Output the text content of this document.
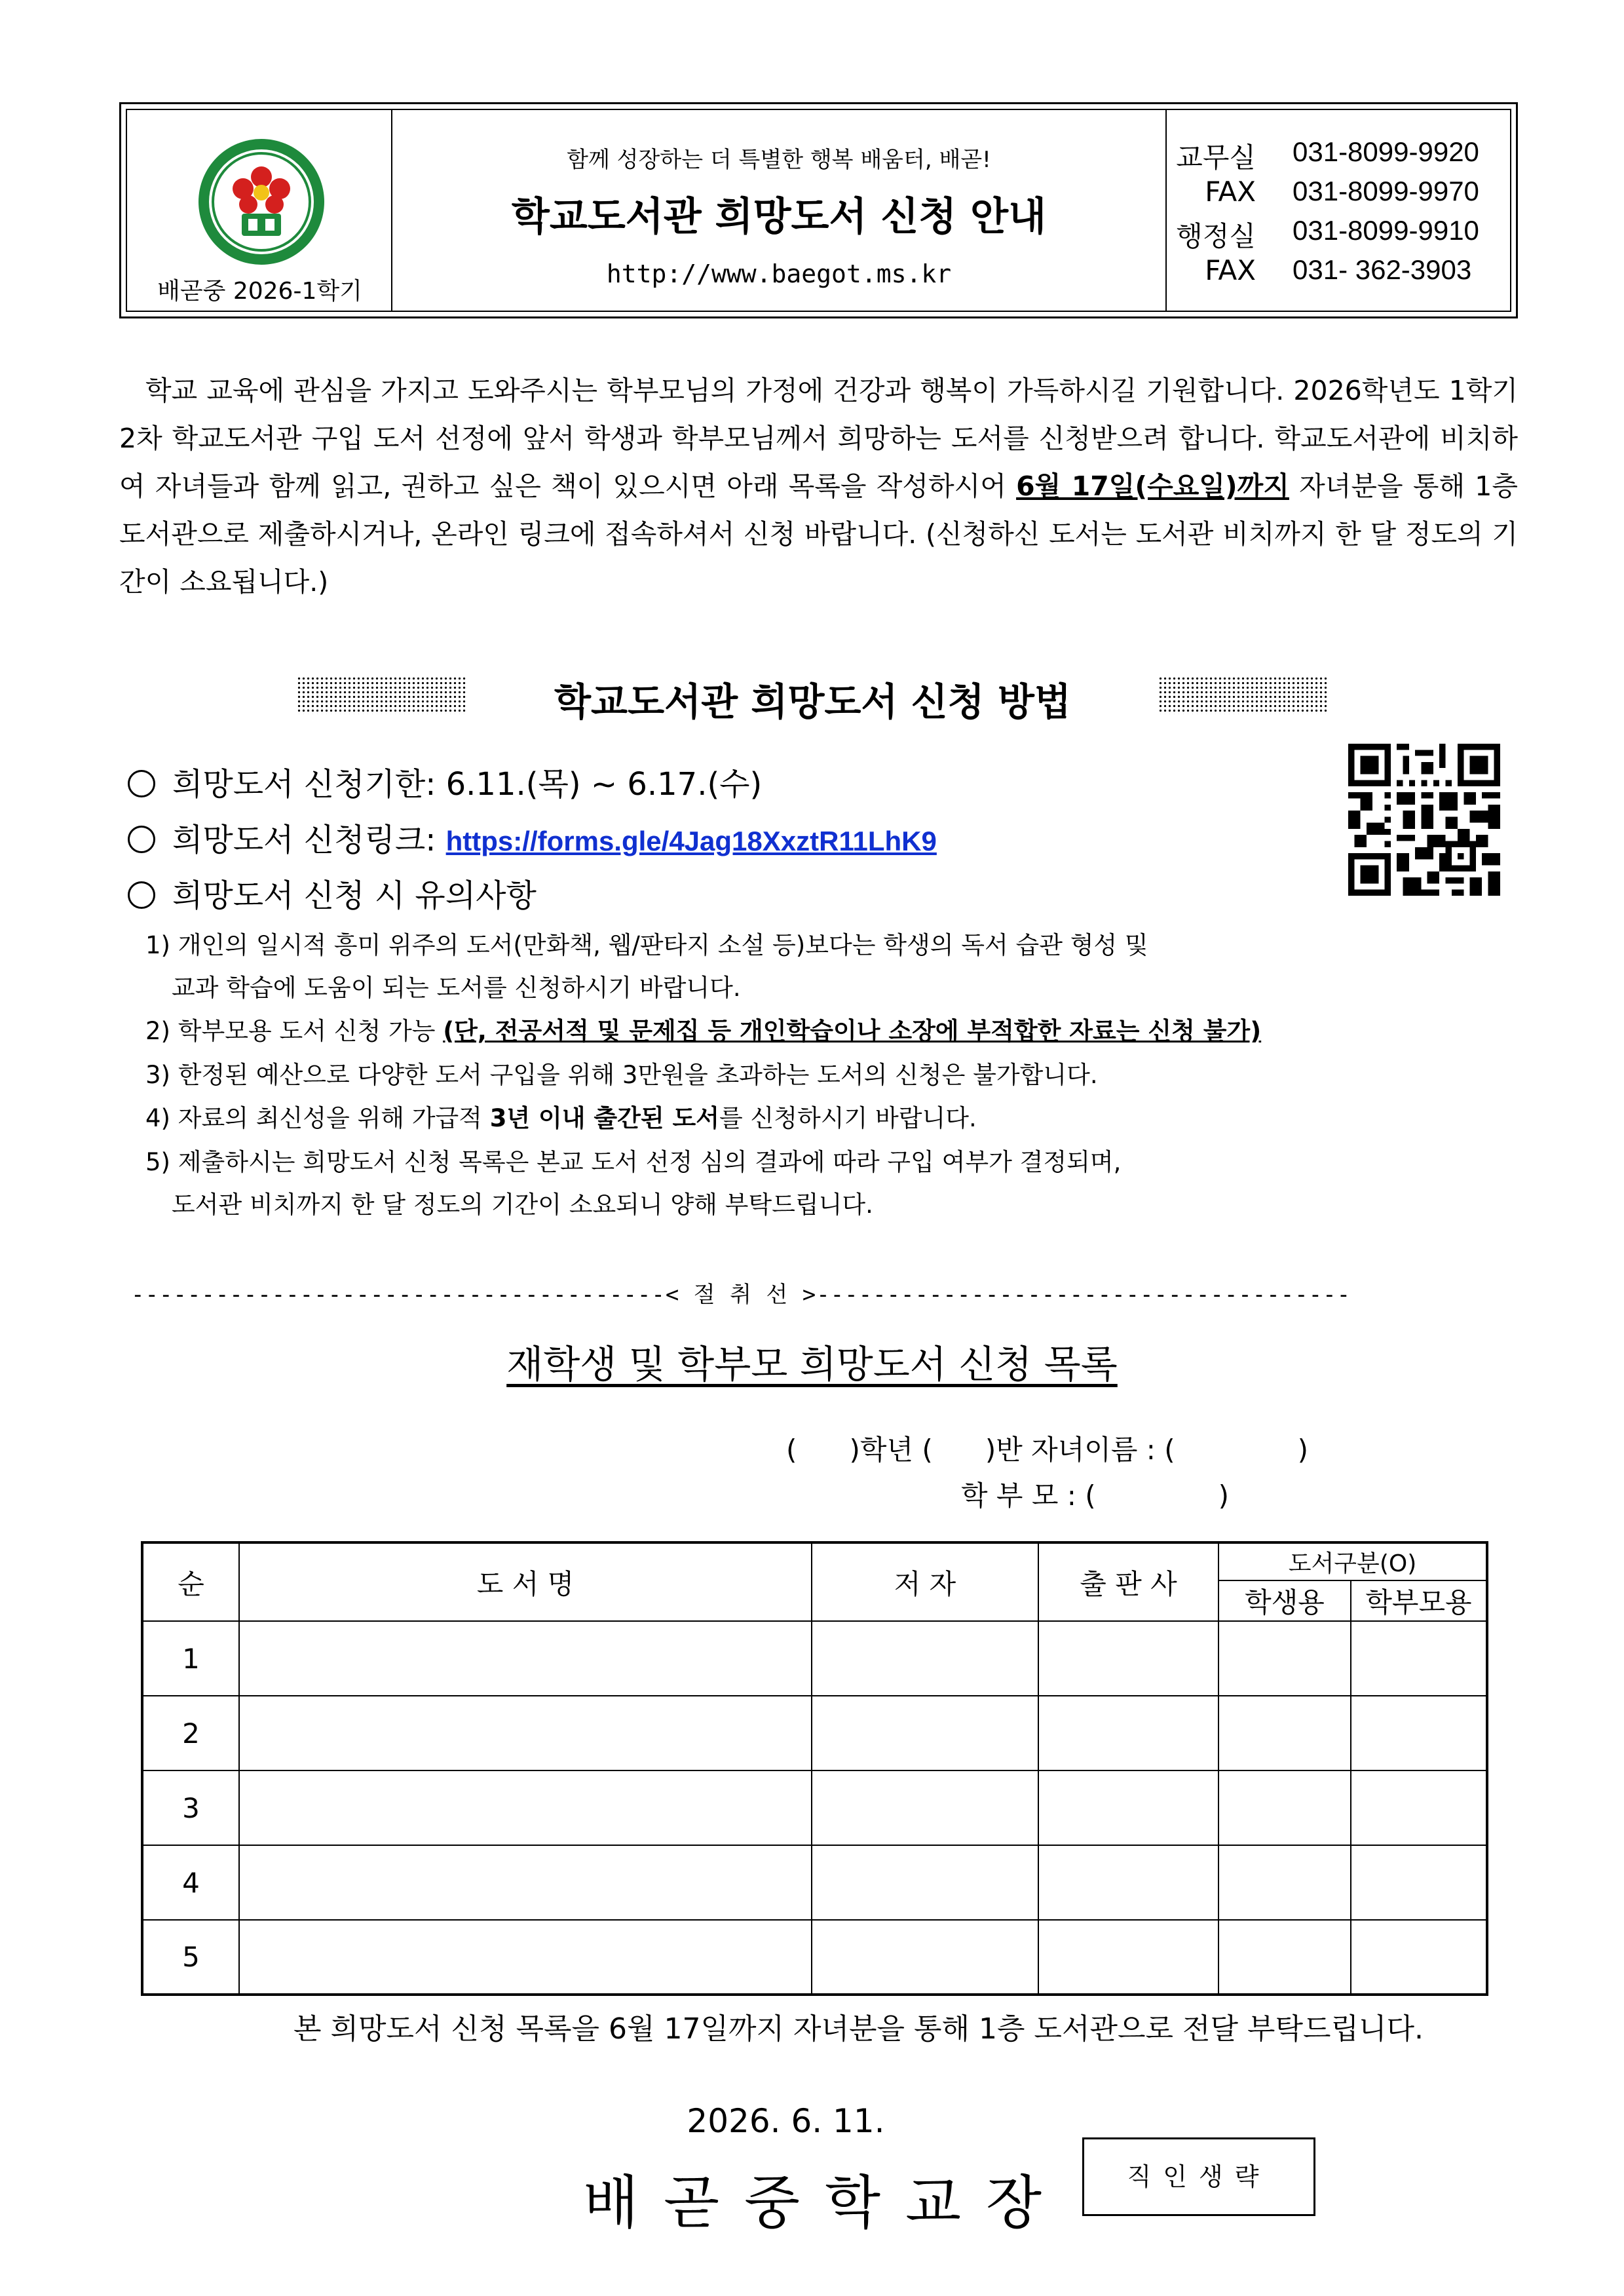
배곧중 2026-1학기
함께 성장하는 더 특별한 행복 배움터, 배곧!
학교도서관 희망도서 신청 안내
http://www.baegot.ms.kr
교무실 031-8099-9920
FAX 031-8099-9970
행정실 031-8099-9910
FAX 031- 362-3903

학교 교육에 관심을 가지고 도와주시는 학부모님의 가정에 건강과 행복이 가득하시길 기원합니다. 2026학년도 1학기 2차 학교도서관 구입 도서 선정에 앞서 학생과 학부모님께서 희망하는 도서를 신청받으려 합니다. 학교도서관에 비치하여 자녀들과 함께 읽고, 권하고 싶은 책이 있으시면 아래 목록을 작성하시어 6월 17일(수요일)까지 자녀분을 통해 1층 도서관으로 제출하시거나, 온라인 링크에 접속하셔서 신청 바랍니다. (신청하신 도서는 도서관 비치까지 한 달 정도의 기간이 소요됩니다.)

학교도서관 희망도서 신청 방법
희망도서 신청기한: 6.11.(목) ~ 6.17.(수)
희망도서 신청링크: https://forms.gle/4Jag18XxztR11LhK9
희망도서 신청 시 유의사항
1) 개인의 일시적 흥미 위주의 도서(만화책, 웹/판타지 소설 등)보다는 학생의 독서 습관 형성 및
교과 학습에 도움이 되는 도서를 신청하시기 바랍니다.
2) 학부모용 도서 신청 가능 (단, 전공서적 및 문제집 등 개인학습이나 소장에 부적합한 자료는 신청 불가)
3) 한정된 예산으로 다양한 도서 구입을 위해 3만원을 초과하는 도서의 신청은 불가합니다.
4) 자료의 최신성을 위해 가급적 3년 이내 출간된 도서를 신청하시기 바랍니다.
5) 제출하시는 희망도서 신청 목록은 본교 도서 선정 심의 결과에 따라 구입 여부가 결정되며,
도서관 비치까지 한 달 정도의 기간이 소요되니 양해 부탁드립니다.
--------------------------------------< 절 취 선 >--------------------------------------
재학생 및 학부모 희망도서 신청 목록
(      )학년 (      )반 자녀이름 : (              )
학 부 모 : (              )
순	도 서 명	저 자	출 판 사	도서구분(O)	
				학생용	학부모용
1					
2					
3					
4					
5					
본 희망도서 신청 목록을 6월 17일까지 자녀분을 통해 1층 도서관으로 전달 부탁드립니다.
2026. 6. 11.
배곧중학교장	직인생략
